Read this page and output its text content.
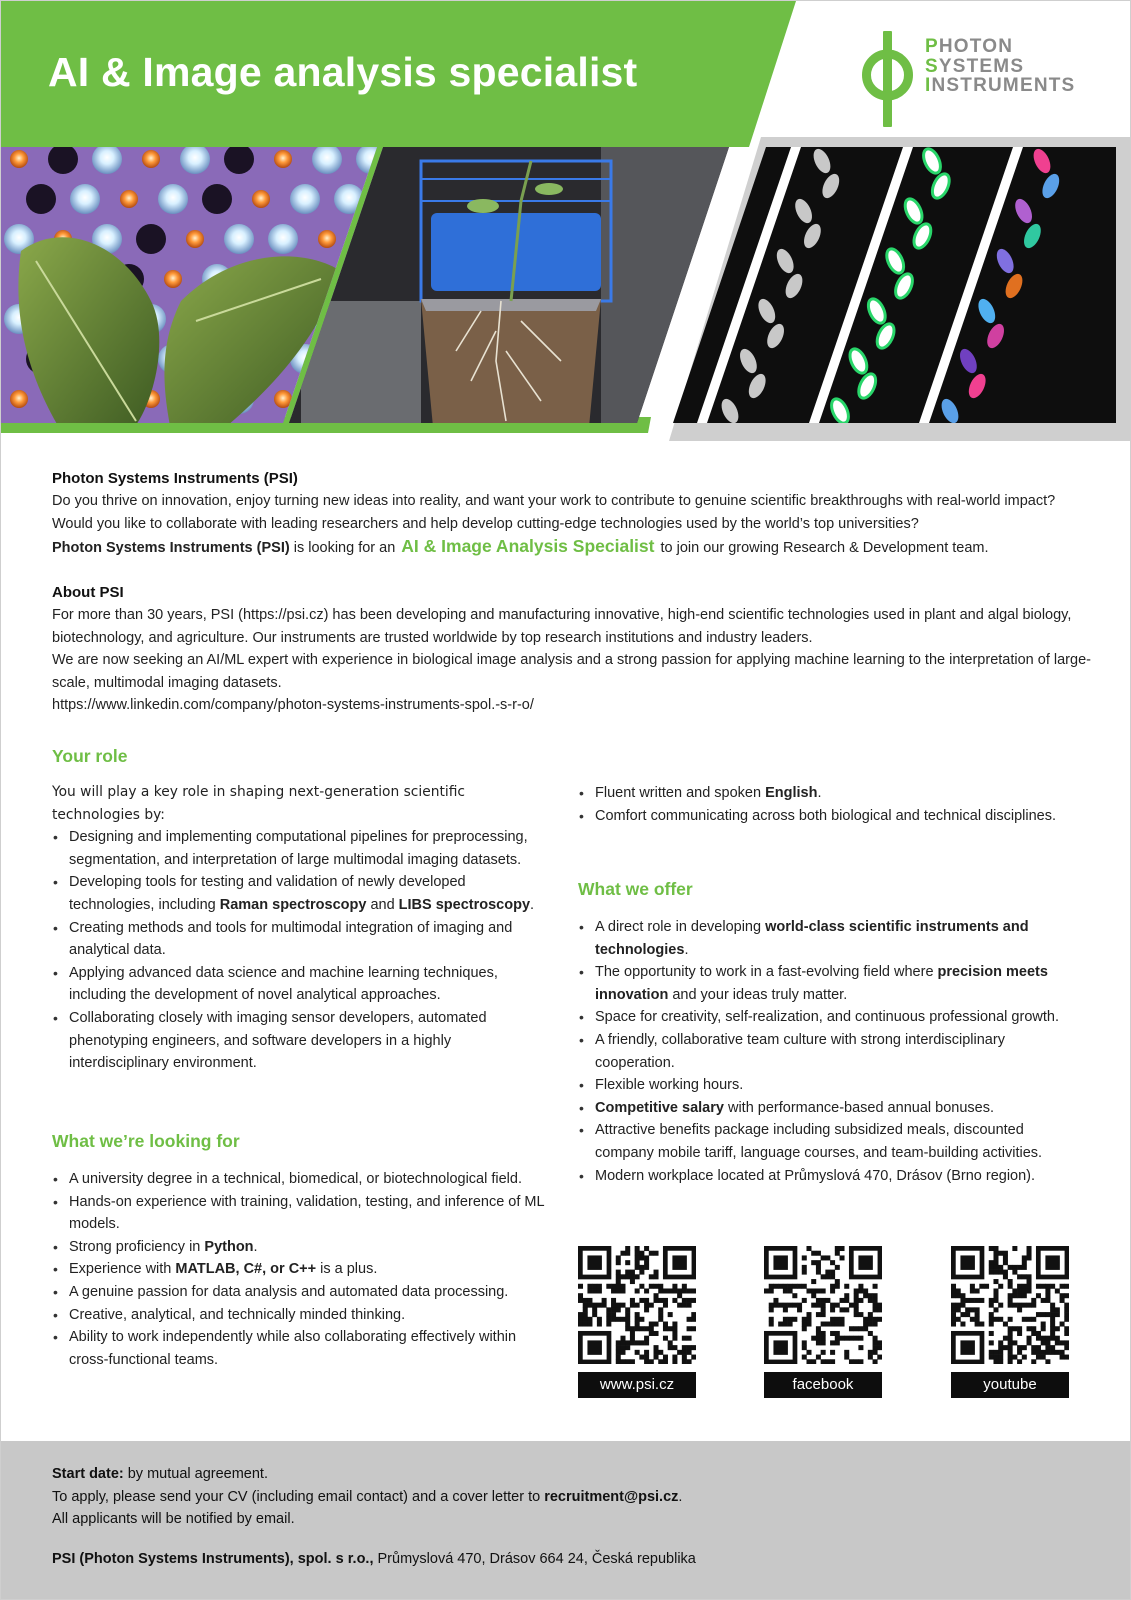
AI & Image analysis specialist
PHOTON
SYSTEMS
INSTRUMENTS
Photon Systems Instruments (PSI)

Do you thrive on innovation, enjoy turning new ideas into reality, and want your work to contribute to genuine scientific breakthroughs with real-world impact? Would you like to collaborate with leading researchers and help develop cutting-edge technologies used by the world’s top universities?

Photon Systems Instruments (PSI) is looking for an AI & Image Analysis Specialist to join our growing Research & Development team.

About PSI

For more than 30 years, PSI (https://psi.cz) has been developing and manufacturing innovative, high-end scientific technologies used in plant and algal biology, biotechnology, and agriculture. Our instruments are trusted worldwide by top research institutions and industry leaders.

We are now seeking an AI/ML expert with experience in biological image analysis and a strong passion for applying machine learning to the interpretation of large-scale, multimodal imaging datasets.

https://www.linkedin.com/company/photon-systems-instruments-spol.-s-r-o/

Your role
You will play a key role in shaping next-generation scientific technologies by:
• Designing and implementing computational pipelines for preprocessing, segmentation, and interpretation of large multimodal imaging datasets.
• Developing tools for testing and validation of newly developed technologies, including Raman spectroscopy and LIBS spectroscopy.
• Creating methods and tools for multimodal integration of imaging and analytical data.
• Applying advanced data science and machine learning techniques, including the development of novel analytical approaches.
• Collaborating closely with imaging sensor developers, automated phenotyping engineers, and software developers in a highly interdisciplinary environment.
What we’re looking for
• A university degree in a technical, biomedical, or biotechnological field.
• Hands-on experience with training, validation, testing, and inference of ML models.
• Strong proficiency in Python.
• Experience with MATLAB, C#, or C++ is a plus.
• A genuine passion for data analysis and automated data processing.
• Creative, analytical, and technically minded thinking.
• Ability to work independently while also collaborating effectively within cross-functional teams.
• Fluent written and spoken English.
• Comfort communicating across both biological and technical disciplines.
What we offer
• A direct role in developing world-class scientific instruments and technologies.
• The opportunity to work in a fast-evolving field where precision meets innovation and your ideas truly matter.
• Space for creativity, self-realization, and continuous professional growth.
• A friendly, collaborative team culture with strong interdisciplinary cooperation.
• Flexible working hours.
• Competitive salary with performance-based annual bonuses.
• Attractive benefits package including subsidized meals, discounted company mobile tariff, language courses, and team-building activities.
• Modern workplace located at Průmyslová 470, Drásov (Brno region).
www.psi.cz	facebook	youtube
Start date: by mutual agreement.
To apply, please send your CV (including email contact) and a cover letter to recruitment@psi.cz.
All applicants will be notified by email.
PSI (Photon Systems Instruments), spol. s r.o., Průmyslová 470, Drásov 664 24, Česká republika
